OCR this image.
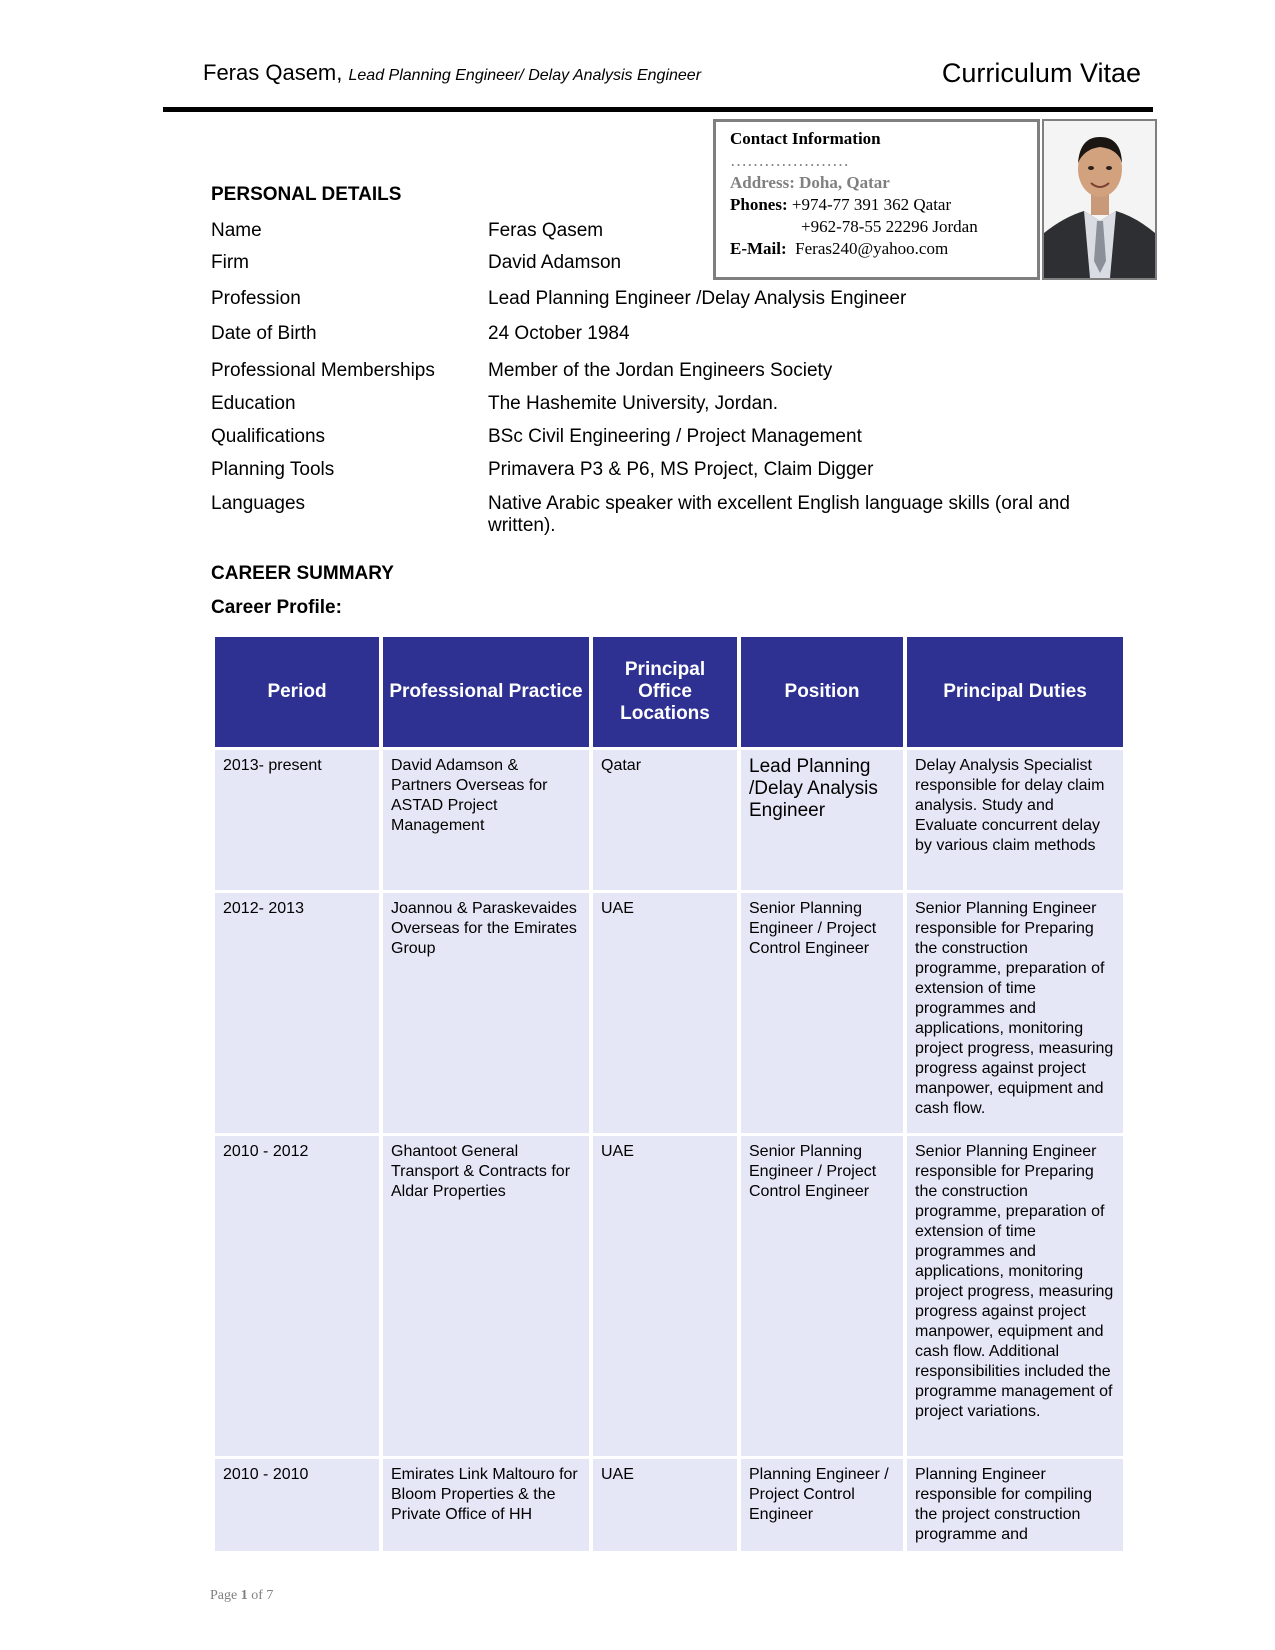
Feras Qasem, Lead Planning Engineer/ Delay Analysis Engineer	Curriculum Vitae
Contact Information
…………………
Address: Doha, Qatar
Phones: +974-77 391 362 Qatar
+962-78-55 22296 Jordan
E-Mail: Feras240@yahoo.com
PERSONAL DETAILS
Name	Feras Qasem
Firm	David Adamson
Profession	Lead Planning Engineer /Delay Analysis Engineer
Date of Birth	24 October 1984
Professional Memberships	Member of the Jordan Engineers Society
Education	The Hashemite University, Jordan.
Qualifications	BSc Civil Engineering / Project Management
Planning Tools	Primavera P3 & P6, MS Project, Claim Digger
Languages	Native Arabic speaker with excellent English language skills (oral and written).
CAREER SUMMARY
Career Profile:
Period	Professional Practice	Principal Office Locations	Position	Principal Duties
2013- present	David Adamson & Partners Overseas for ASTAD Project Management	Qatar	Lead Planning /Delay Analysis Engineer	Delay Analysis Specialist responsible for delay claim analysis. Study and Evaluate concurrent delay by various claim methods
2012- 2013	Joannou & Paraskevaides Overseas for the Emirates Group	UAE	Senior Planning Engineer / Project Control Engineer	Senior Planning Engineer responsible for Preparing the construction programme, preparation of extension of time programmes and applications, monitoring project progress, measuring progress against project manpower, equipment and cash flow.
2010 - 2012	Ghantoot General Transport & Contracts for Aldar Properties	UAE	Senior Planning Engineer / Project Control Engineer	Senior Planning Engineer responsible for Preparing the construction programme, preparation of extension of time programmes and applications, monitoring project progress, measuring progress against project manpower, equipment and cash flow. Additional responsibilities included the programme management of project variations.
2010 - 2010	Emirates Link Maltouro for Bloom Properties & the Private Office of HH	UAE	Planning Engineer / Project Control Engineer	Planning Engineer responsible for compiling the project construction programme and
Page 1 of 7
